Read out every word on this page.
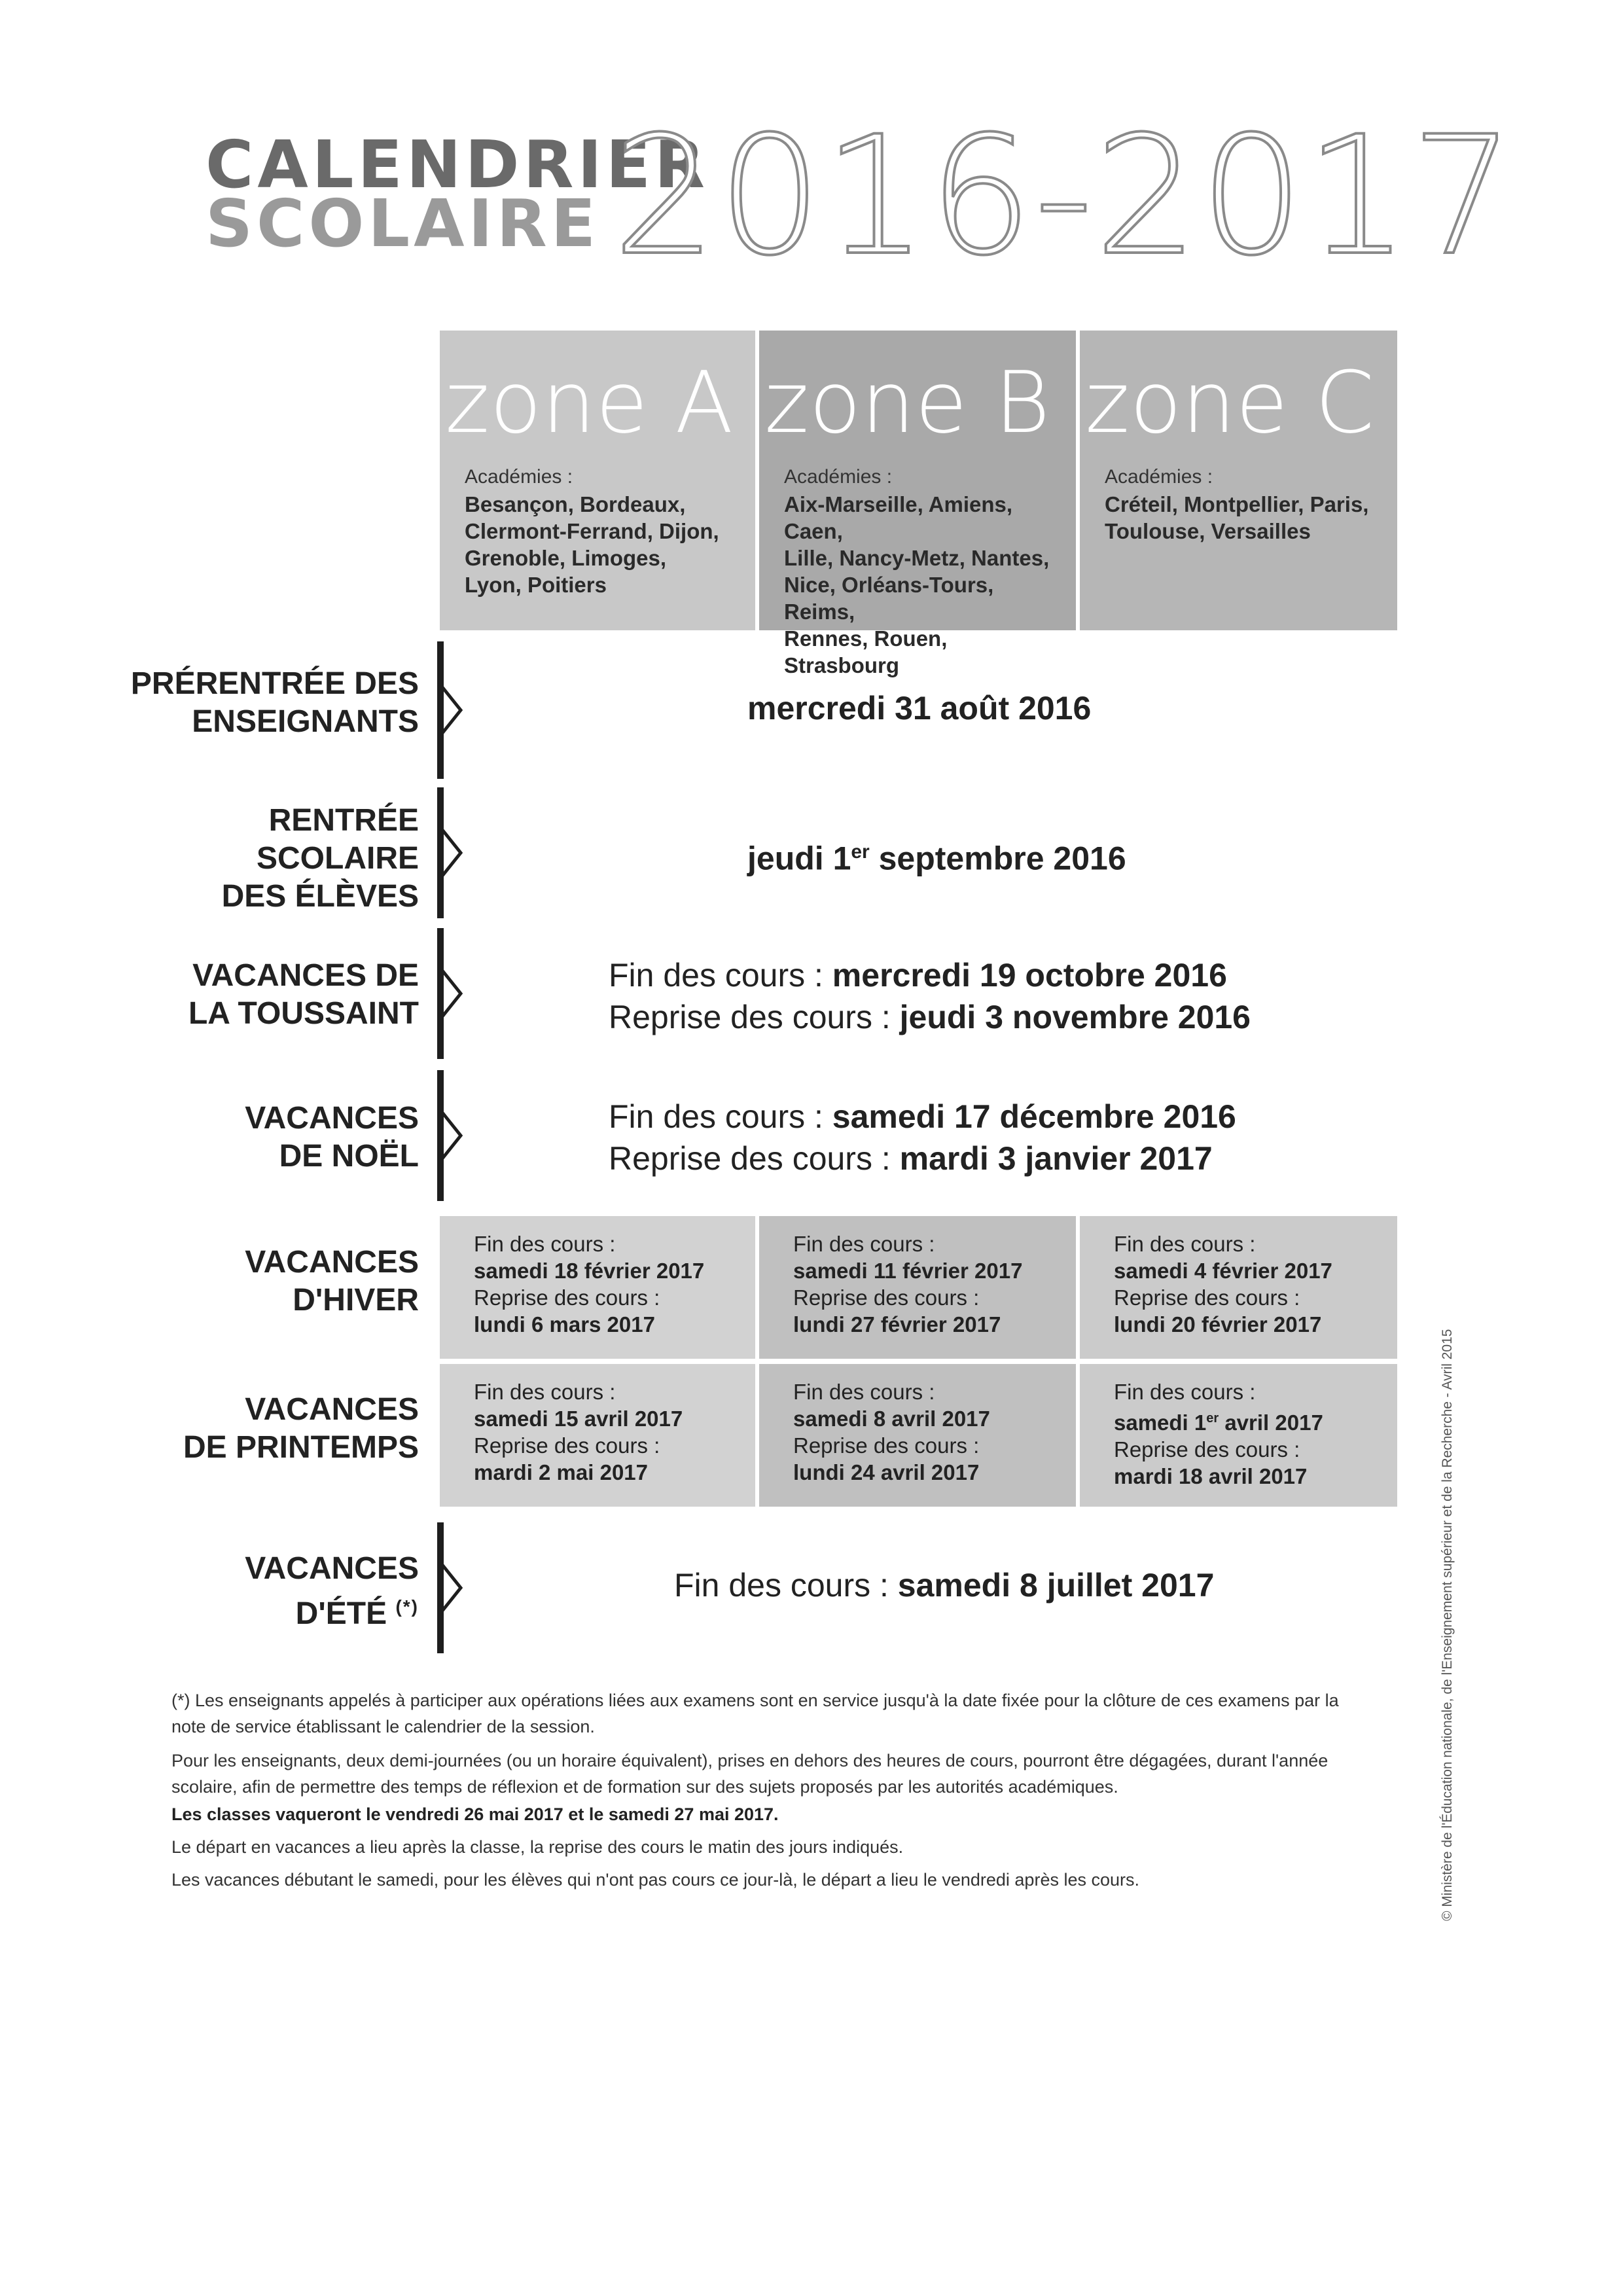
CALENDRIER
SCOLAIRE 2016-2017
zone A
Académies :
Besançon, Bordeaux,
Clermont-Ferrand, Dijon,
Grenoble, Limoges,
Lyon, Poitiers
zone B
Académies :
Aix-Marseille, Amiens, Caen,
Lille, Nancy-Metz, Nantes,
Nice, Orléans-Tours, Reims,
Rennes, Rouen, Strasbourg
zone C
Académies :
Créteil, Montpellier, Paris,
Toulouse, Versailles
PRÉRENTRÉE DES
ENSEIGNANTS	mercredi 31 août 2016
RENTRÉE
SCOLAIRE
DES ÉLÈVES
jeudi 1er septembre 2016
VACANCES DE
LA TOUSSAINT
Fin des cours : mercredi 19 octobre 2016
Reprise des cours : jeudi 3 novembre 2016
VACANCES
DE NOËL
Fin des cours : samedi 17 décembre 2016
Reprise des cours : mardi 3 janvier 2017
VACANCES
D'HIVER
Fin des cours :
samedi 18 février 2017
Reprise des cours :
lundi 6 mars 2017
Fin des cours :
samedi 11 février 2017
Reprise des cours :
lundi 27 février 2017
Fin des cours :
samedi 4 février 2017
Reprise des cours :
lundi 20 février 2017
VACANCES
DE PRINTEMPS
Fin des cours :
samedi 15 avril 2017
Reprise des cours :
mardi 2 mai 2017
Fin des cours :
samedi 8 avril 2017
Reprise des cours :
lundi 24 avril 2017
Fin des cours :
samedi 1er avril 2017
Reprise des cours :
mardi 18 avril 2017
VACANCES
D'ÉTÉ (*)
Fin des cours : samedi 8 juillet 2017
(*) Les enseignants appelés à participer aux opérations liées aux examens sont en service jusqu'à la date fixée pour la clôture de ces examens par la note de service établissant le calendrier de la session.
Pour les enseignants, deux demi-journées (ou un horaire équivalent), prises en dehors des heures de cours, pourront être dégagées, durant l'année scolaire, afin de permettre des temps de réflexion et de formation sur des sujets proposés par les autorités académiques.
Les classes vaqueront le vendredi 26 mai 2017 et le samedi 27 mai 2017.
Le départ en vacances a lieu après la classe, la reprise des cours le matin des jours indiqués.
Les vacances débutant le samedi, pour les élèves qui n'ont pas cours ce jour-là, le départ a lieu le vendredi après les cours.	© Ministère de l'Éducation nationale, de l'Enseignement supérieur et de la Recherche - Avril 2015
